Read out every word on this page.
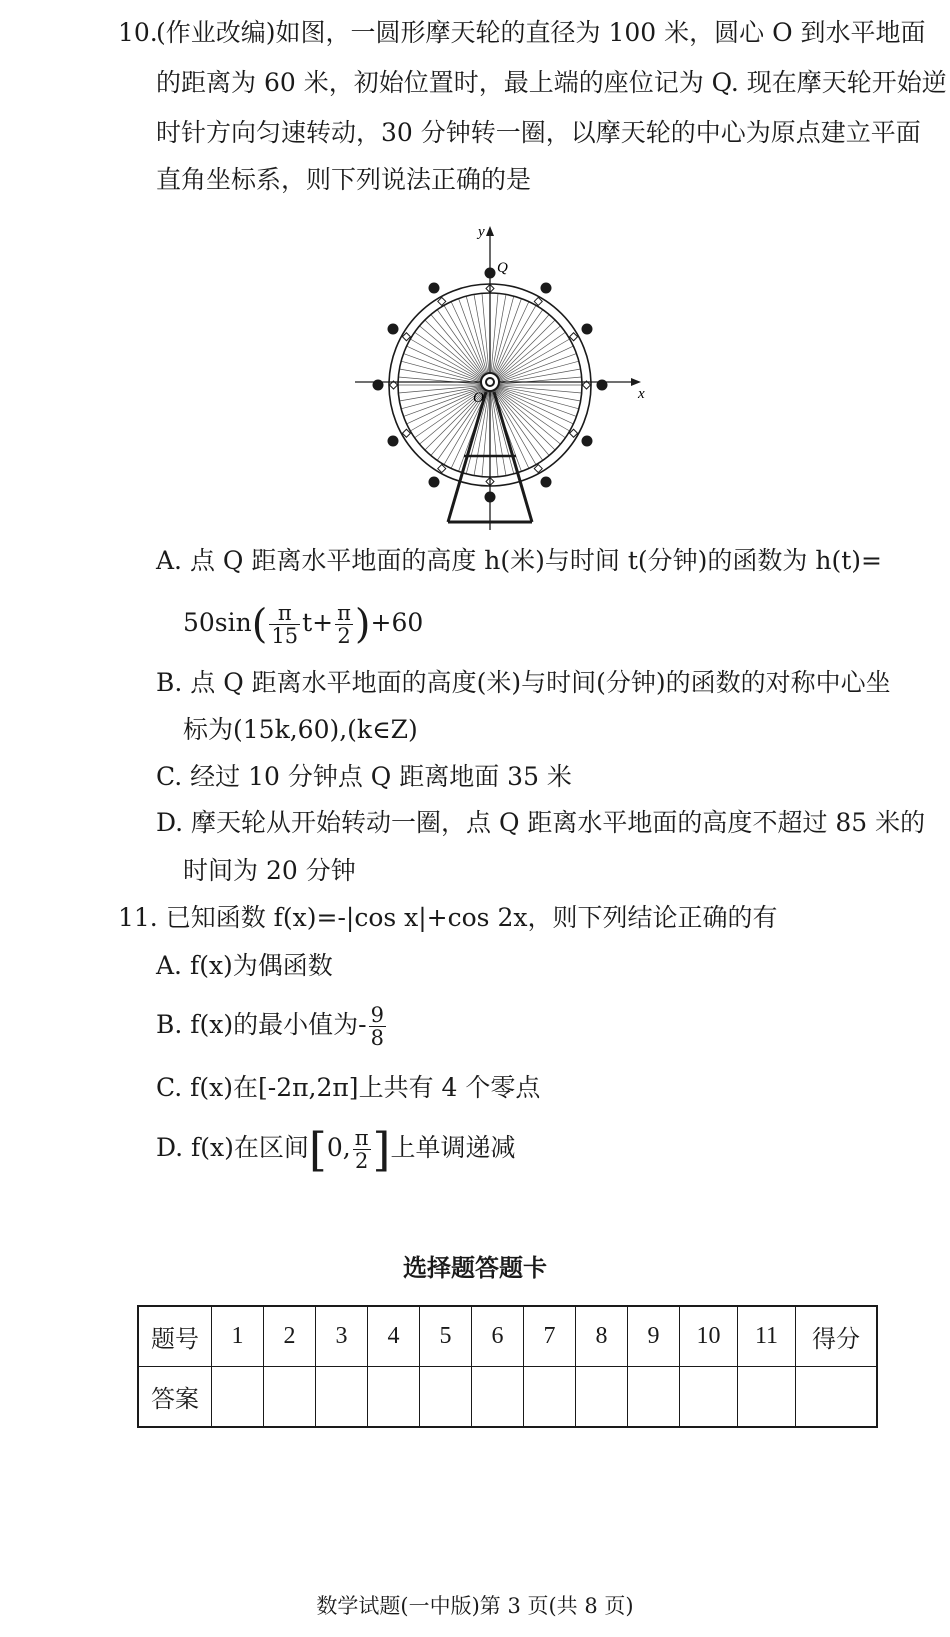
10.
(作业改编)如图，一圆形摩天轮的直径为 100 米，圆心 O 到水平地面
的距离为 60 米，初始位置时，最上端的座位记为 Q. 现在摩天轮开始逆
时针方向匀速转动，30 分钟转一圈，以摩天轮的中心为原点建立平面
直角坐标系，则下列说法正确的是
y
x
O
Q
A. 点 Q 距离水平地面的高度 h(米)与时间 t(分钟)的函数为 h(t)=
$50\sin( \frac{\pi}{15} t+ \frac{\pi}{2} )+60$
B. 点 Q 距离水平地面的高度(米)与时间(分钟)的函数的对称中心坐
标为(15k,60),(k∈Z)
C. 经过 10 分钟点 Q 距离地面 35 米
D. 摩天轮从开始转动一圈，点 Q 距离水平地面的高度不超过 85 米的
时间为 20 分钟
11. 已知函数 f(x)=-|cos x|+cos 2x，则下列结论正确的有
A. f(x)为偶函数
B. f(x)的最小值为- $\frac{9}{8}$
C. f(x)在[-2π,2π]上共有 4 个零点
D. f(x)在区间[0, $\frac{\pi}{2}$ ]上单调递减
选择题答题卡
题号	1	2	3	4	5	6	7	8	9	10	11	得分
答案												
数学试题(一中版)第 3 页(共 8 页)
